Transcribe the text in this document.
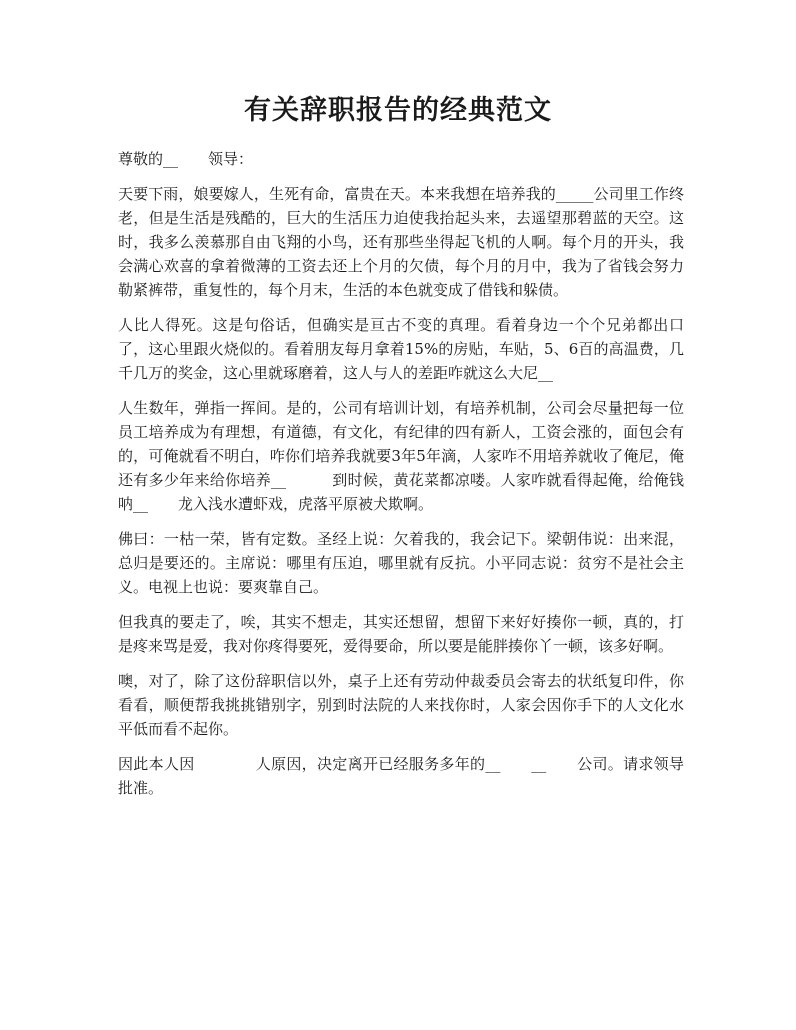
有关辞职报告的经典范文

尊敬的__　　领导：

天要下雨，娘要嫁人，生死有命，富贵在天。本来我想在培养我的_____公司里工作终老，但是生活是残酷的，巨大的生活压力迫使我抬起头来，去遥望那碧蓝的天空。这时，我多么羡慕那自由飞翔的小鸟，还有那些坐得起飞机的人啊。每个月的开头，我会满心欢喜的拿着微薄的工资去还上个月的欠债，每个月的月中，我为了省钱会努力勒紧裤带，重复性的，每个月末，生活的本色就变成了借钱和躲债。

人比人得死。这是句俗话，但确实是亘古不变的真理。看着身边一个个兄弟都出口了，这心里跟火烧似的。看着朋友每月拿着15%的房贴，车贴，5、6百的高温费，几千几万的奖金，这心里就琢磨着，这人与人的差距咋就这么大尼__

人生数年，弹指一挥间。是的，公司有培训计划，有培养机制，公司会尽量把每一位员工培养成为有理想，有道德，有文化，有纪律的四有新人，工资会涨的，面包会有的，可俺就看不明白，咋你们培养我就要3年5年滴，人家咋不用培养就收了俺尼，俺还有多少年来给你培养__　　　到时候，黄花菜都凉喽。人家咋就看得起俺，给俺钱呐__　　龙入浅水遭虾戏，虎落平原被犬欺啊。

佛曰：一枯一荣，皆有定数。圣经上说：欠着我的，我会记下。梁朝伟说：出来混，总归是要还的。主席说：哪里有压迫，哪里就有反抗。小平同志说：贫穷不是社会主义。电视上也说：要爽靠自己。

但我真的要走了，唉，其实不想走，其实还想留，想留下来好好揍你一顿，真的，打是疼来骂是爱，我对你疼得要死，爱得要命，所以要是能胖揍你丫一顿，该多好啊。

噢，对了，除了这份辞职信以外，桌子上还有劳动仲裁委员会寄去的状纸复印件，你看看，顺便帮我挑挑错别字，别到时法院的人来找你时，人家会因你手下的人文化水平低而看不起你。

因此本人因　　　　人原因，决定离开已经服务多年的__　　__　　公司。请求领导批准。
